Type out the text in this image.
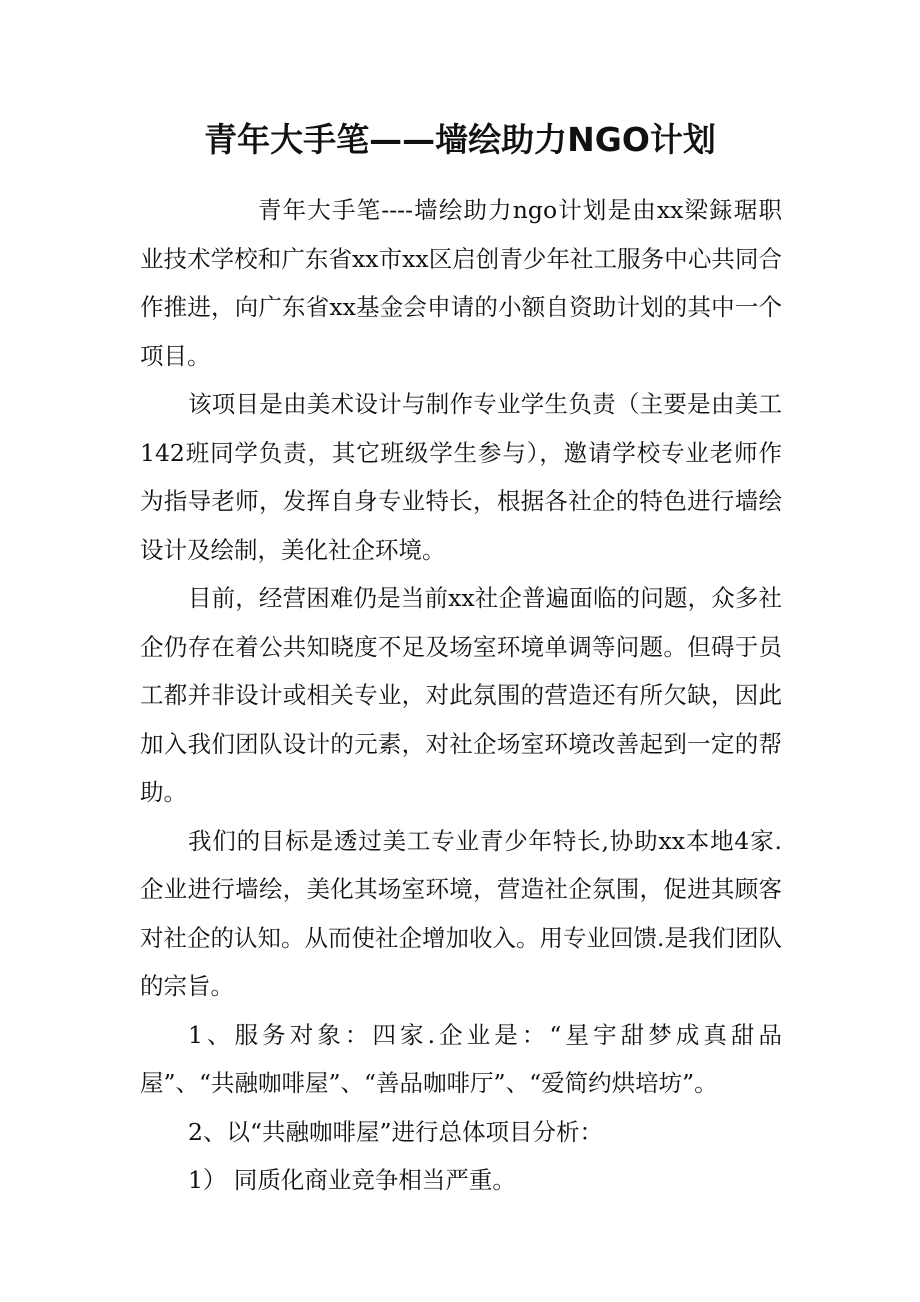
青年大手笔——墙绘助力NGO计划

青年大手笔----墙绘助力ngo计划是由xx梁銾琚职业技术学校和广东省xx市xx区启创青少年社工服务中心共同合作推进，向广东省xx基金会申请的小额自资助计划的其中一个项目。

该项目是由美术设计与制作专业学生负责（主要是由美工142班同学负责，其它班级学生参与），邀请学校专业老师作为指导老师，发挥自身专业特长，根据各社企的特色进行墙绘设计及绘制，美化社企环境。

目前，经营困难仍是当前xx社企普遍面临的问题，众多社企仍存在着公共知晓度不足及场室环境单调等问题。但碍于员工都并非设计或相关专业，对此氛围的营造还有所欠缺，因此加入我们团队设计的元素，对社企场室环境改善起到一定的帮助。

我们的目标是透过美工专业青少年特长,协助xx本地4家.企业进行墙绘，美化其场室环境，营造社企氛围，促进其顾客对社企的认知。从而使社企增加收入。用专业回馈.是我们团队的宗旨。

1、服务对象：四家.企业是：“星宇甜梦成真甜品屋”、“共融咖啡屋”、“善品咖啡厅”、“爱简约烘培坊”。

2、以“共融咖啡屋”进行总体项目分析：

1） 同质化商业竞争相当严重。
